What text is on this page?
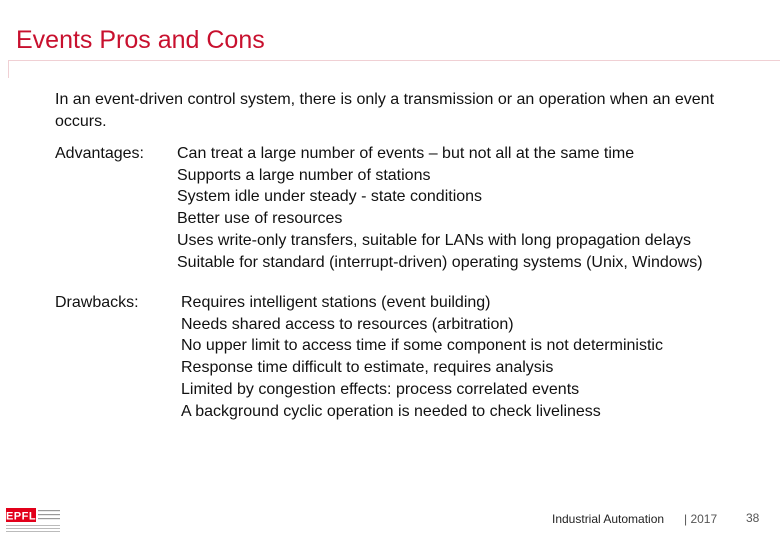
Events Pros and Cons
In an event-driven control system, there is only a transmission or an operation when an event occurs.
Advantages: Can treat a large number of events – but not all at the same time
Supports a large number of stations
System idle under steady - state conditions
Better use of resources
Uses write-only transfers, suitable for LANs with long propagation delays
Suitable for standard (interrupt-driven) operating systems (Unix, Windows)
Drawbacks:	Requires intelligent stations (event building)
Needs shared access to resources (arbitration)
No upper limit to access time if some component is not deterministic
Response time difficult to estimate, requires analysis
Limited by congestion effects: process correlated events
A background cyclic operation is needed to check liveliness
EPFL	Industrial Automation | 2017 38
